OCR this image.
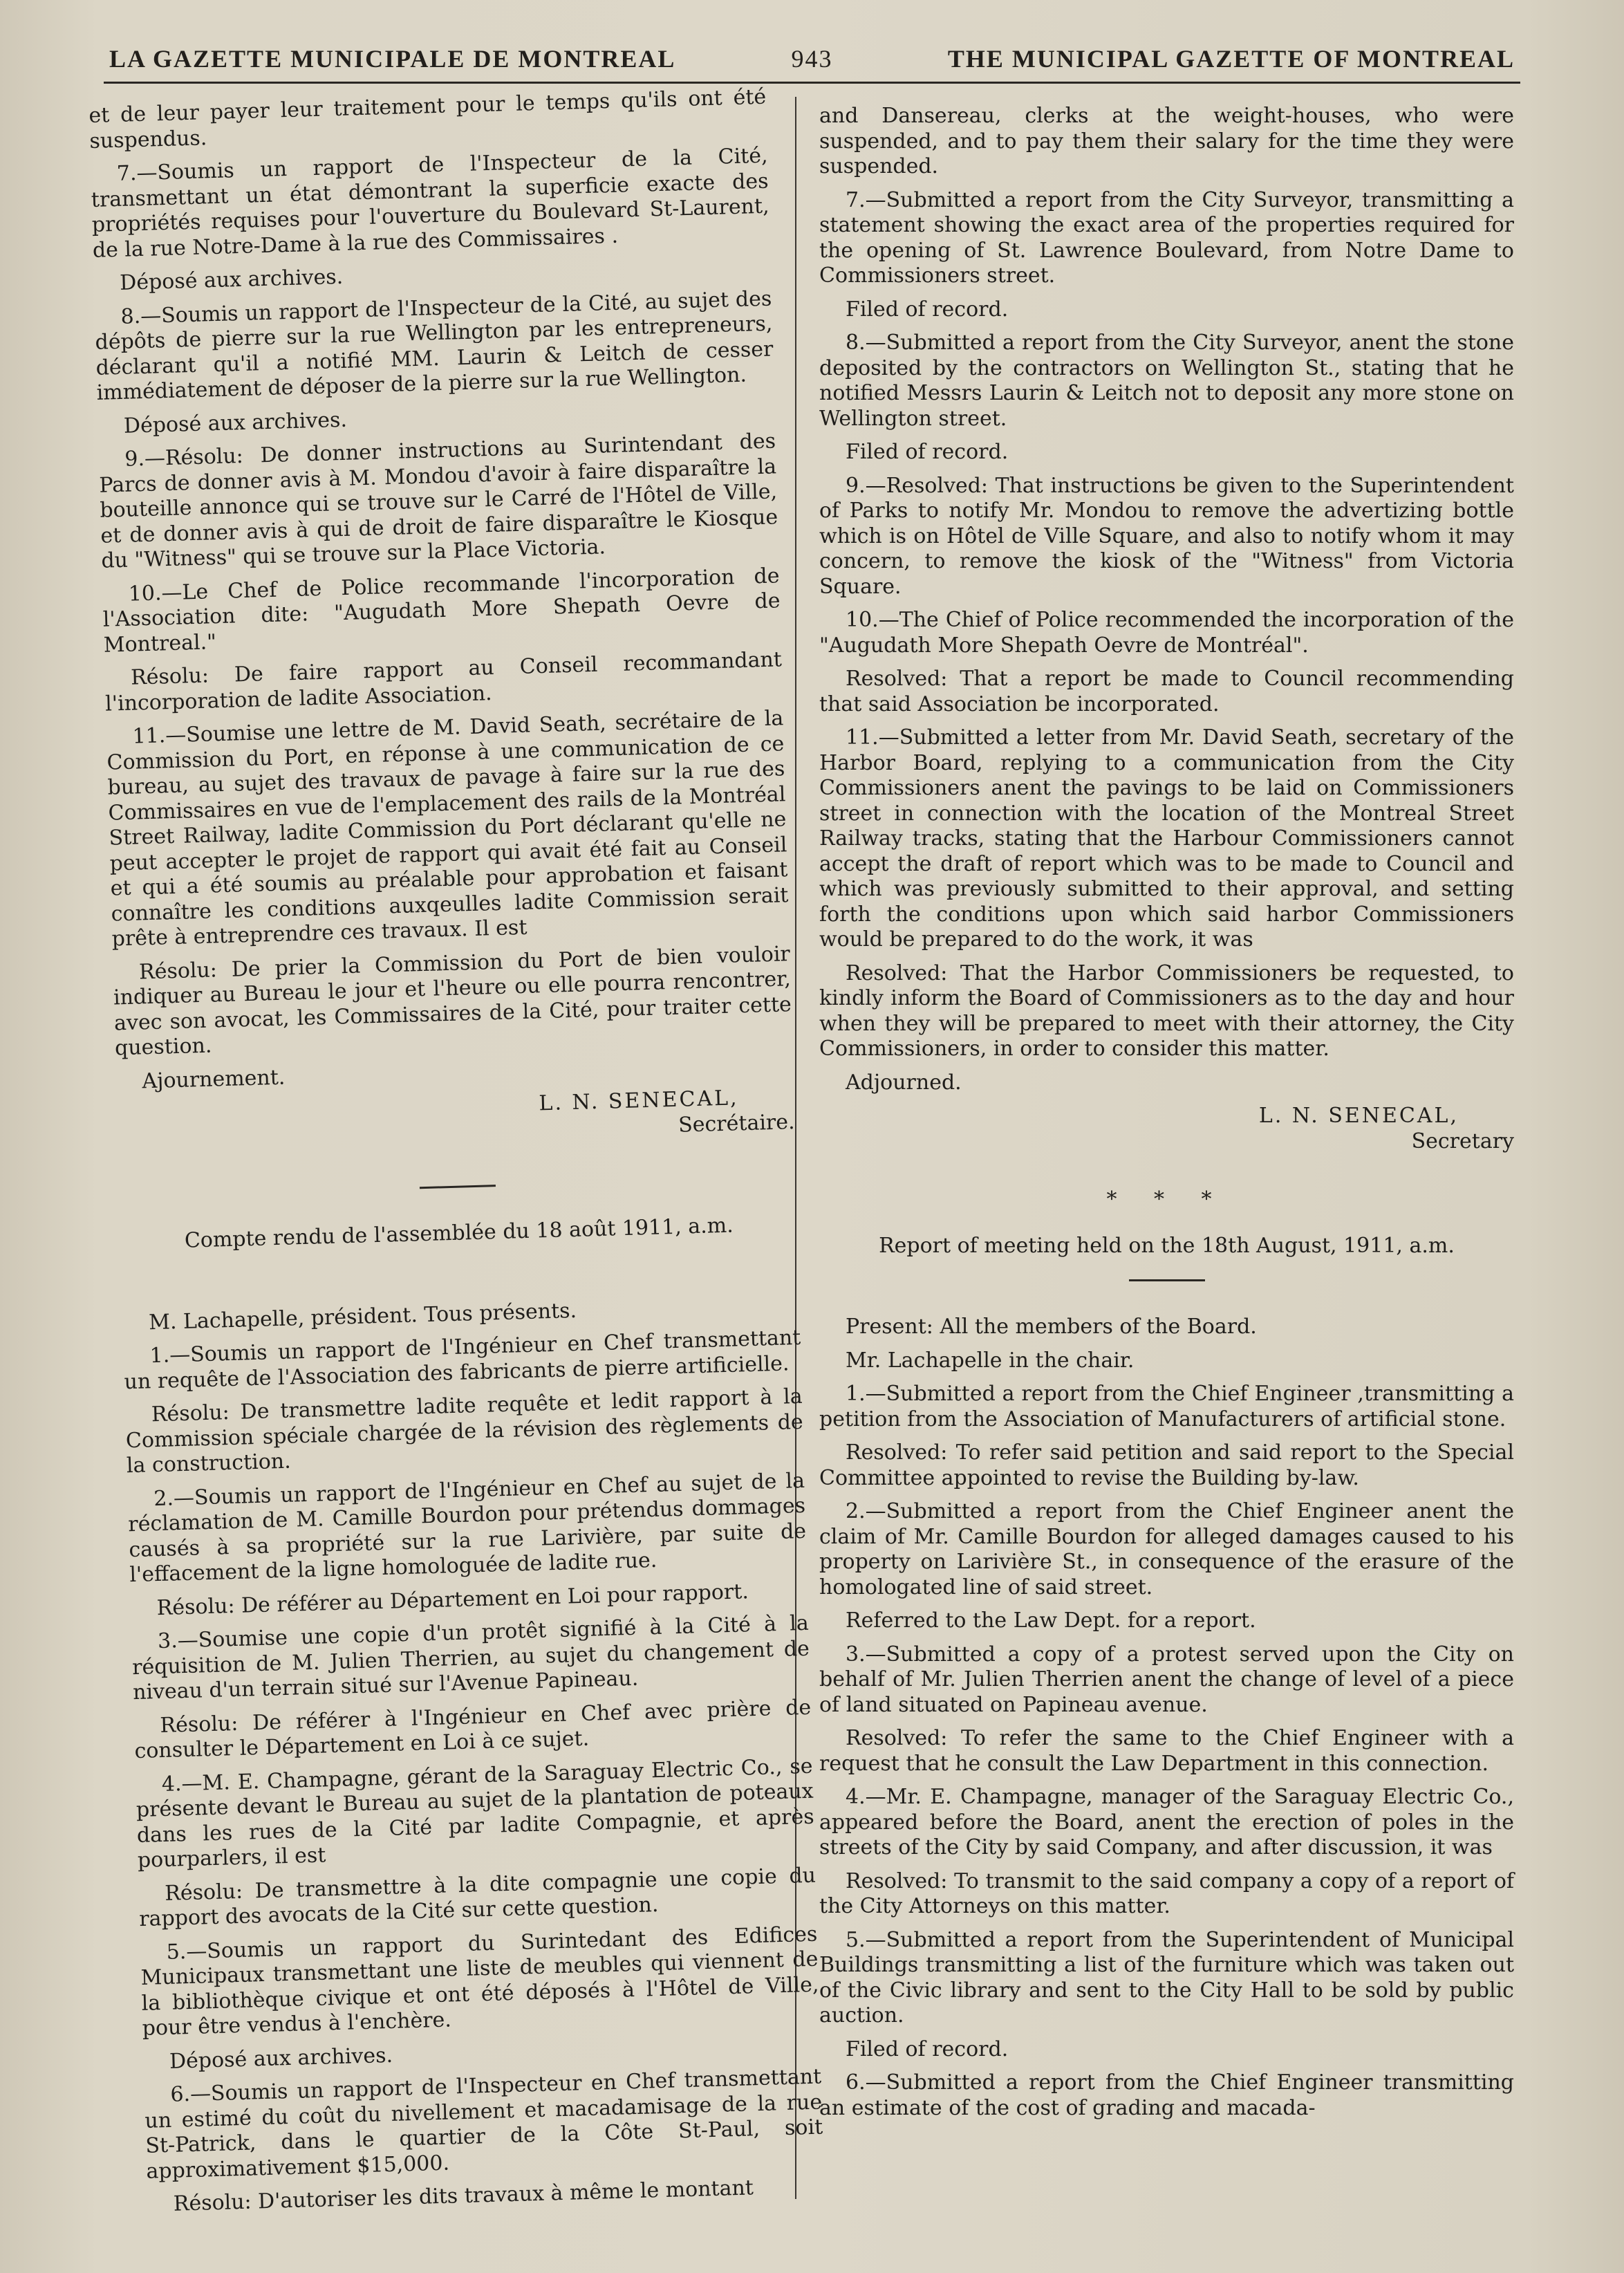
LA GAZETTE MUNICIPALE DE MONTREAL	943	THE MUNICIPAL GAZETTE OF MONTREAL

et de leur payer leur traitement pour le temps qu'ils ont été suspendus.

7.—Soumis un rapport de l'Inspecteur de la Cité, transmettant un état démontrant la superficie exacte des propriétés requises pour l'ouverture du Boulevard St-Laurent, de la rue Notre-Dame à la rue des Commissaires .

Déposé aux archives.

8.—Soumis un rapport de l'Inspecteur de la Cité, au sujet des dépôts de pierre sur la rue Wellington par les entrepreneurs, déclarant qu'il a notifié MM. Laurin & Leitch de cesser immédiatement de déposer de la pierre sur la rue Wellington.

Déposé aux archives.

9.—Résolu: De donner instructions au Surintendant des Parcs de donner avis à M. Mondou d'avoir à faire disparaître la bouteille annonce qui se trouve sur le Carré de l'Hôtel de Ville, et de donner avis à qui de droit de faire disparaître le Kiosque du "Witness" qui se trouve sur la Place Victoria.

10.—Le Chef de Police recommande l'incorporation de l'Association dite: "Augudath More Shepath Oevre de Montreal."

Résolu: De faire rapport au Conseil recommandant l'incorporation de ladite Association.

11.—Soumise une lettre de M. David Seath, secrétaire de la Commission du Port, en réponse à une communication de ce bureau, au sujet des travaux de pavage à faire sur la rue des Commissaires en vue de l'emplacement des rails de la Montréal Street Railway, ladite Commission du Port déclarant qu'elle ne peut accepter le projet de rapport qui avait été fait au Conseil et qui a été soumis au préalable pour approbation et faisant connaître les conditions auxqeulles ladite Commission serait prête à entreprendre ces travaux. Il est

Résolu: De prier la Commission du Port de bien vouloir indiquer au Bureau le jour et l'heure ou elle pourra rencontrer, avec son avocat, les Commissaires de la Cité, pour traiter cette question.

Ajournement.

L. N. SENECAL,
Secrétaire.
Compte rendu de l'assemblée du 18 août 1911, a.m.

M. Lachapelle, président. Tous présents.

1.—Soumis un rapport de l'Ingénieur en Chef transmettant un requête de l'Association des fabricants de pierre artificielle.

Résolu: De transmettre ladite requête et ledit rapport à la Commission spéciale chargée de la révision des règlements de la construction.

2.—Soumis un rapport de l'Ingénieur en Chef au sujet de la réclamation de M. Camille Bourdon pour prétendus dommages causés à sa propriété sur la rue Larivière, par suite de l'effacement de la ligne homologuée de ladite rue.

Résolu: De référer au Département en Loi pour rapport.

3.—Soumise une copie d'un protêt signifié à la Cité à la réquisition de M. Julien Therrien, au sujet du changement de niveau d'un terrain situé sur l'Avenue Papineau.

Résolu: De référer à l'Ingénieur en Chef avec prière de consulter le Département en Loi à ce sujet.

4.—M. E. Champagne, gérant de la Saraguay Electric Co., se présente devant le Bureau au sujet de la plantation de poteaux dans les rues de la Cité par ladite Compagnie, et après pourparlers, il est

Résolu: De transmettre à la dite compagnie une copie du rapport des avocats de la Cité sur cette question.

5.—Soumis un rapport du Surintedant des Edifices Municipaux transmettant une liste de meubles qui viennent de la bibliothèque civique et ont été déposés à l'Hôtel de Ville, pour être vendus à l'enchère.

Déposé aux archives.

6.—Soumis un rapport de l'Inspecteur en Chef transmettant un estimé du coût du nivellement et macadamisage de la rue St-Patrick, dans le quartier de la Côte St-Paul, soit approximativement $15,000.

Résolu: D'autoriser les dits travaux à même le montant

and Dansereau, clerks at the weight-houses, who were suspended, and to pay them their salary for the time they were suspended.

7.—Submitted a report from the City Surveyor, transmitting a statement showing the exact area of the properties required for the opening of St. Lawrence Boulevard, from Notre Dame to Commissioners street.

Filed of record.

8.—Submitted a report from the City Surveyor, anent the stone deposited by the contractors on Wellington St., stating that he notified Messrs Laurin & Leitch not to deposit any more stone on Wellington street.

Filed of record.

9.—Resolved: That instructions be given to the Superintendent of Parks to notify Mr. Mondou to remove the advertizing bottle which is on Hôtel de Ville Square, and also to notify whom it may concern, to remove the kiosk of the "Witness" from Victoria Square.

10.—The Chief of Police recommended the incorporation of the "Augudath More Shepath Oevre de Montréal".

Resolved: That a report be made to Council recommending that said Association be incorporated.

11.—Submitted a letter from Mr. David Seath, secretary of the Harbor Board, replying to a communication from the City Commissioners anent the pavings to be laid on Commissioners street in connection with the location of the Montreal Street Railway tracks, stating that the Harbour Commissioners cannot accept the draft of report which was to be made to Council and which was previously submitted to their approval, and setting forth the conditions upon which said harbor Commissioners would be prepared to do the work, it was

Resolved: That the Harbor Commissioners be requested, to kindly inform the Board of Commissioners as to the day and hour when they will be prepared to meet with their attorney, the City Commissioners, in order to consider this matter.

Adjourned.

L. N. SENECAL,
Secretary
* * *
Report of meeting held on the 18th August, 1911, a.m.

Present: All the members of the Board.

Mr. Lachapelle in the chair.

1.—Submitted a report from the Chief Engineer ,transmitting a petition from the Association of Manufacturers of artificial stone.

Resolved: To refer said petition and said report to the Special Committee appointed to revise the Building by-law.

2.—Submitted a report from the Chief Engineer anent the claim of Mr. Camille Bourdon for alleged damages caused to his property on Larivière St., in consequence of the erasure of the homologated line of said street.

Referred to the Law Dept. for a report.

3.—Submitted a copy of a protest served upon the City on behalf of Mr. Julien Therrien anent the change of level of a piece of land situated on Papineau avenue.

Resolved: To refer the same to the Chief Engineer with a request that he consult the Law Department in this connection.

4.—Mr. E. Champagne, manager of the Saraguay Electric Co., appeared before the Board, anent the erection of poles in the streets of the City by said Company, and after discussion, it was

Resolved: To transmit to the said company a copy of a report of the City Attorneys on this matter.

5.—Submitted a report from the Superintendent of Municipal Buildings transmitting a list of the furniture which was taken out of the Civic library and sent to the City Hall to be sold by public auction.

Filed of record.

6.—Submitted a report from the Chief Engineer transmitting an estimate of the cost of grading and macada-
